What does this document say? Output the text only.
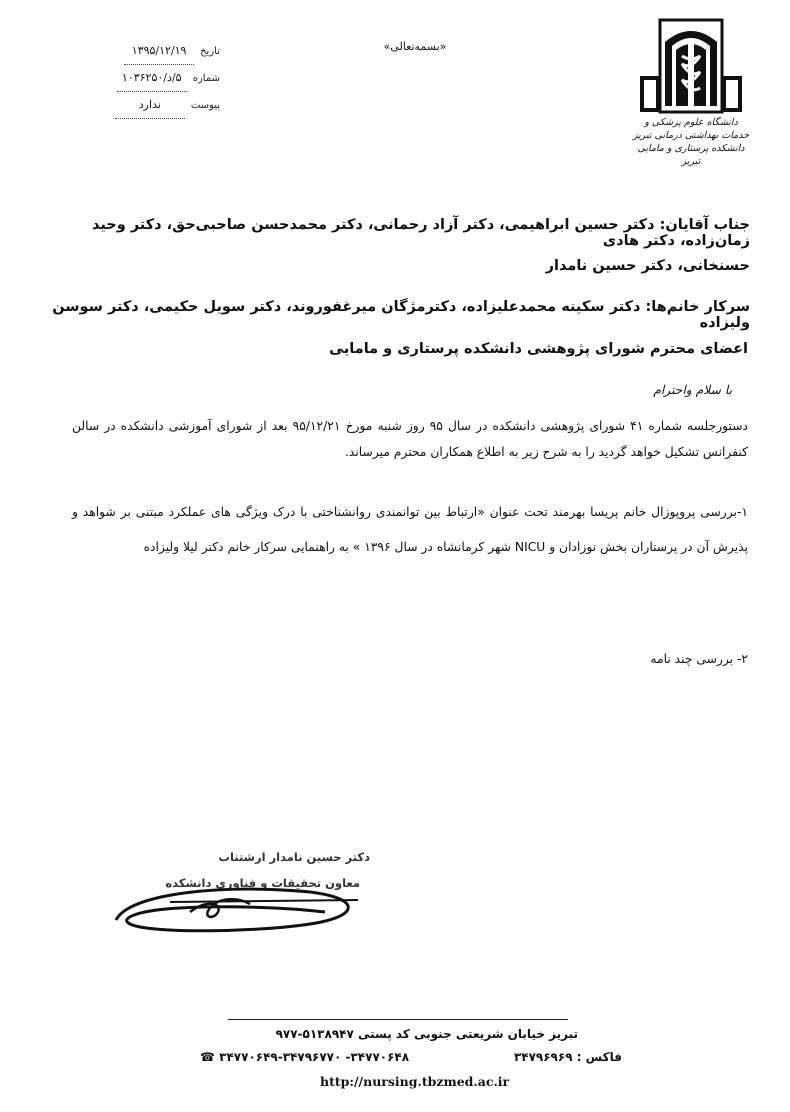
دانشگاه علوم پزشکی و
خدمات بهداشتی درمانی تبریز
دانشکده پرستاری و مامایی تبریز
«بسمه‌تعالی»
تاریخ
۱۳۹۵/۱۲/۱۹
شماره
۵/د/۱۰۳۶۲۵۰
پیوست
ندارد
جناب آقایان: دکتر حسین ابراهیمی، دکتر آزاد رحمانی، دکتر محمدحسن صاحبی‌حق، دکتر وحید زمان‌زاده، دکتر هادی
حسنخانی، دکتر حسین نامدار
سرکار خانم‌ها: دکتر سکینه محمدعلیزاده، دکترمژگان میرغفوروند، دکتر سویل حکیمی، دکتر سوسن ولیزاده
اعضای محترم شورای پژوهشی دانشکده پرستاری و مامایی
با سلام واحترام
دستورجلسه شماره ۴۱ شورای پژوهشی دانشکده در سال ۹۵ روز شنبه مورخ ۹۵/۱۲/۲۱ بعد از شورای آموزشی دانشکده در سالن کنفرانس تشکیل خواهد گردید را به شرح زیر به اطلاع همکاران محترم میرساند.
۱-بررسی پروپوزال خانم پریسا بهرمند تحت عنوان «ارتباط بین توانمندی روانشناختی با درک ویژگی های عملکرد مبتنی بر شواهد و پذیرش آن در پرستاران بخش نوزادان و NICU شهر کرمانشاه در سال ۱۳۹۶ » به راهنمایی سرکار خانم دکتر لیلا ولیزاده
۲- بررسی چند نامه
دکتر حسین نامدار ارشتناب
معاون تحقیقات و فناوری دانشکده
تبریز خیابان شریعتی جنوبی کد پستی ۵۱۳۸۹۴۷-۹۷۷
فاکس : ۳۴۷۹۶۹۶۹
۳۴۷۷۰۶۴۸- ۳۴۷۷۰۶۴۹-۳۴۷۹۶۷۷۰ ☎
http://nursing.tbzmed.ac.ir
